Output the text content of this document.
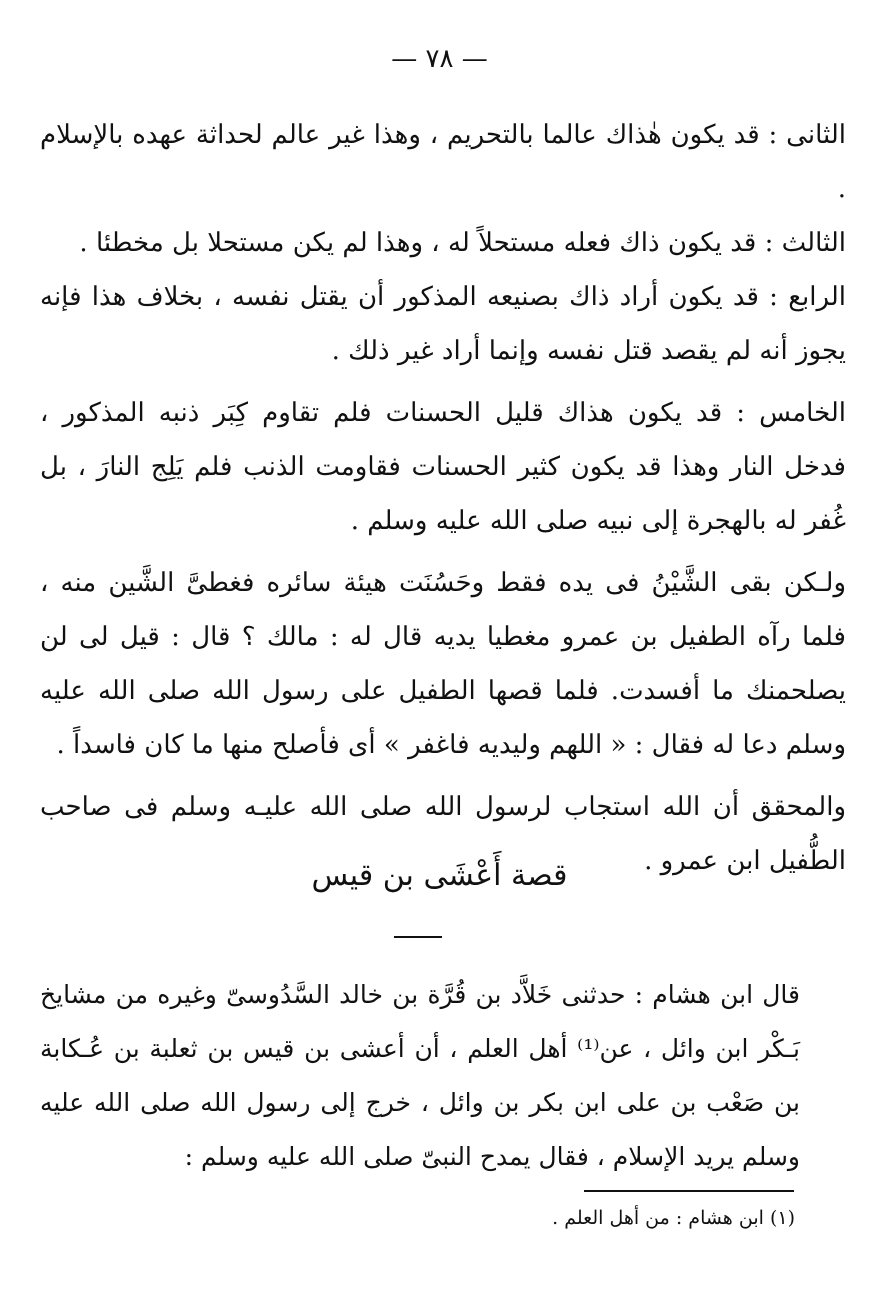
— ٧٨ —

الثانى : قد يكون هٰذاك عالما بالتحريم ، وهذا غير عالم لحداثة عهده بالإسلام .

الثالث : قد يكون ذاك فعله مستحلاً له ، وهذا لم يكن مستحلا بل مخطئا .

الرابع : قد يكون أراد ذاك بصنيعه المذكور أن يقتل نفسه ، بخلاف هذا فإنه يجوز أنه لم يقصد قتل نفسه وإنما أراد غير ذلك .

الخامس : قد يكون هذاك قليل الحسنات فلم تقاوم كِبَر ذنبه المذكور ، فدخل النار وهذا قد يكون كثير الحسنات فقاومت الذنب فلم يَلِج النارَ ، بل غُفر له بالهجرة إلى نبيه صلى الله عليه وسلم .

ولـكن بقى الشَّيْنُ فى يده فقط وحَسُنَت هيئة سائره فغطىَّ الشَّين منه ، فلما رآه الطفيل بن عمرو مغطيا يديه قال له : مالك ؟ قال : قيل لى لن يصلحمنك ما أفسدت. فلما قصها الطفيل على رسول الله صلى الله عليه وسلم دعا له فقال : « اللهم وليديه فاغفر » أى فأصلح منها ما كان فاسداً .

والمحقق أن الله استجاب لرسول الله صلى الله عليـه وسلم فى صاحب الطُّفيل ابن عمرو .

قصة أَعْشَى بن قيس

قال ابن هشام : حدثنى خَلاَّد بن قُرَّة بن خالد السَّدُوسىّ وغيره من مشايخ بَـكْر ابن وائل ، عن⁽¹⁾ أهل العلم ، أن أعشى بن قيس بن ثعلبة بن عُـكابة بن صَعْب بن على ابن بكر بن وائل ، خرج إلى رسول الله صلى الله عليه وسلم يريد الإسلام ، فقال يمدح النبىّ صلى الله عليه وسلم :

(١) ابن هشام : من أهل العلم .
